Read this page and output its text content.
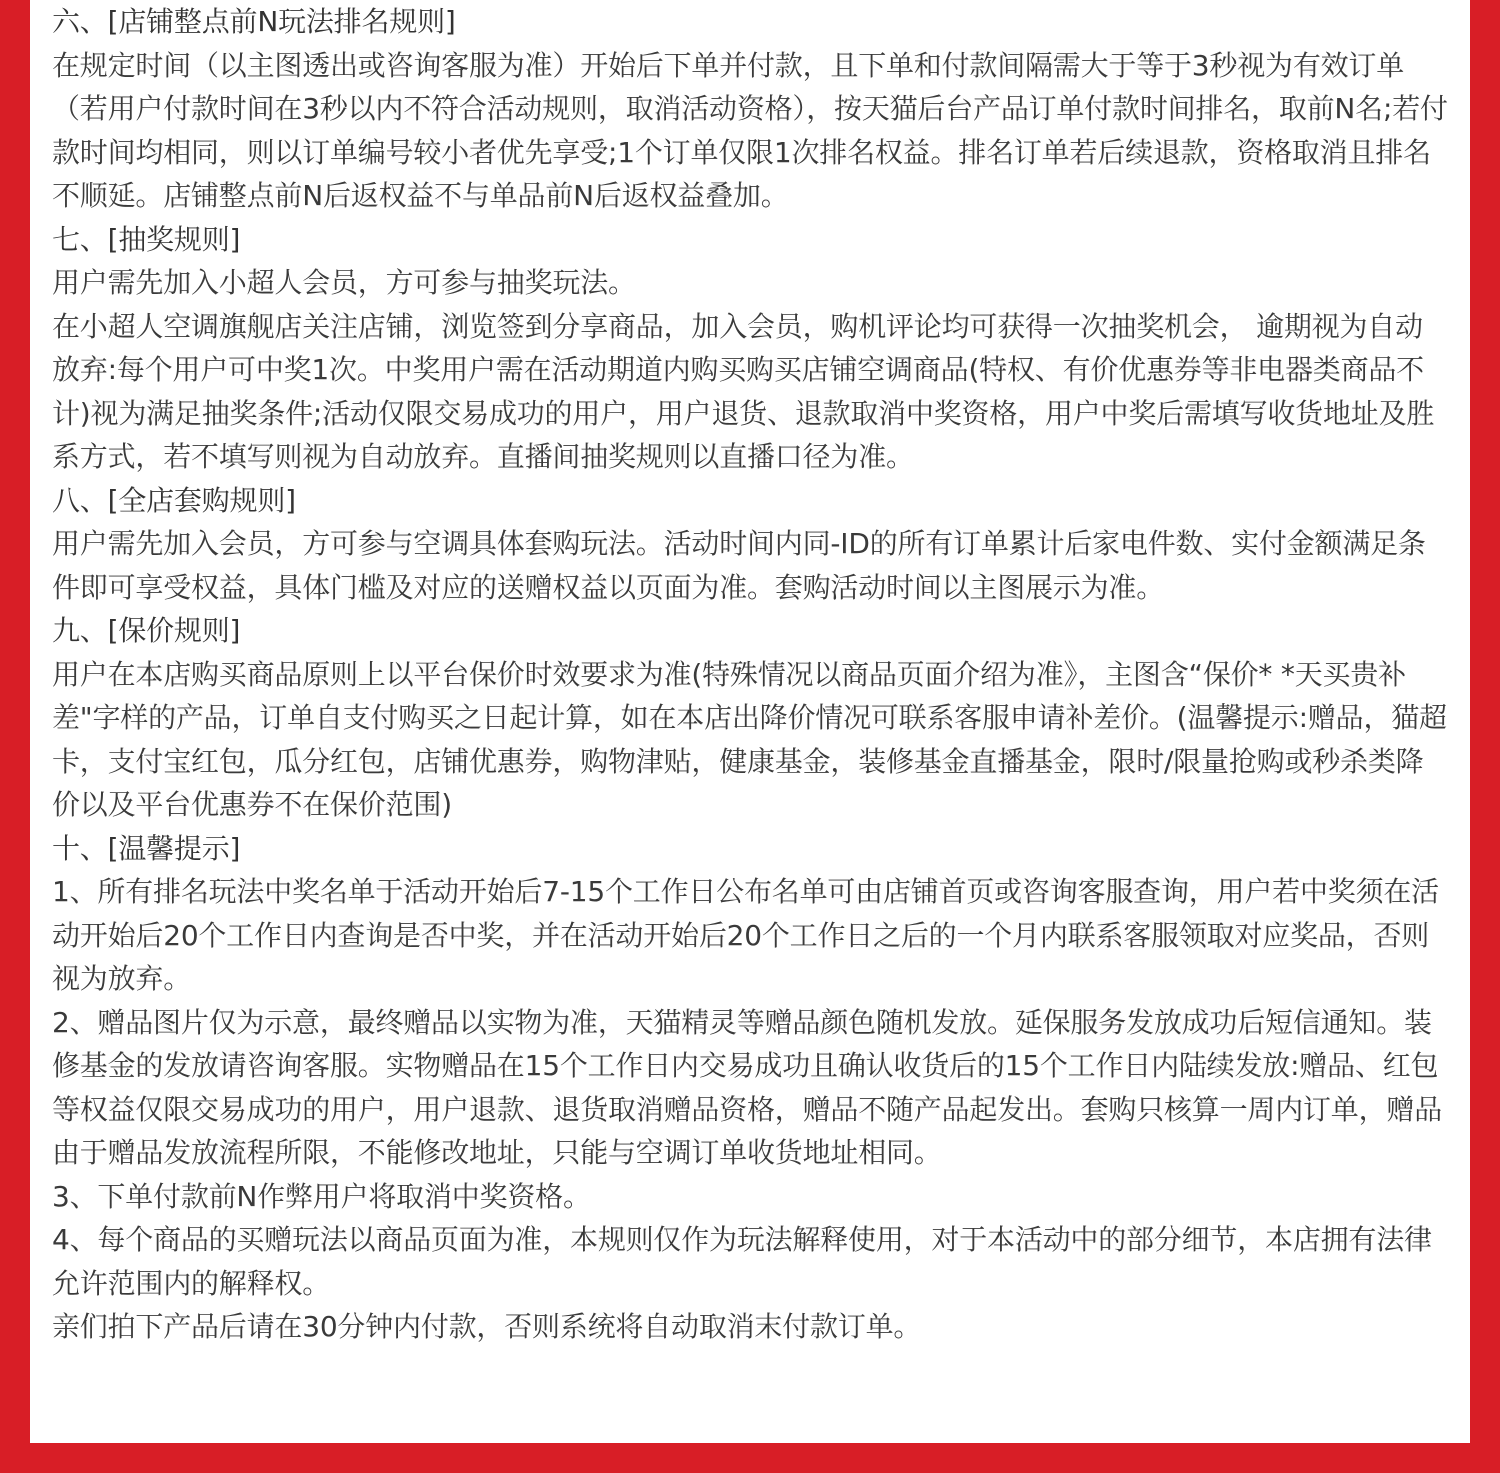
六、[店铺整点前N玩法排名规则]

在规定时间（以主图透出或咨询客服为准）开始后下单并付款，且下单和付款间隔需大于等于3秒视为有效订单（若用户付款时间在3秒以内不符合活动规则，取消活动资格），按天猫后台产品订单付款时间排名，取前N名;若付款时间均相同，则以订单编号较小者优先享受;1个订单仅限1次排名权益。排名订单若后续退款，资格取消且排名不顺延。店铺整点前N后返权益不与单品前N后返权益叠加。

七、[抽奖规则]

用户需先加入小超人会员，方可参与抽奖玩法。

在小超人空调旗舰店关注店铺，浏览签到分享商品，加入会员，购机评论均可获得一次抽奖机会， 逾期视为自动放弃:每个用户可中奖1次。中奖用户需在活动期道内购买购买店铺空调商品(特权、有价优惠券等非电器类商品不计)视为满足抽奖条件;活动仅限交易成功的用户，用户退货、退款取消中奖资格，用户中奖后需填写收货地址及胜系方式，若不填写则视为自动放弃。直播间抽奖规则以直播口径为准。

八、[全店套购规则]

用户需先加入会员，方可参与空调具体套购玩法。活动时间内同-ID的所有订单累计后家电件数、实付金额满足条件即可享受权益，具体门槛及对应的送赠权益以页面为准。套购活动时间以主图展示为准。

九、[保价规则]

用户在本店购买商品原则上以平台保价时效要求为准(特殊情况以商品页面介绍为准》，主图含“保价* *天买贵补差"字样的产品，订单自支付购买之日起计算，如在本店出降价情况可联系客服申请补差价。(温馨提示:赠品，猫超卡，支付宝红包，瓜分红包，店铺优惠券，购物津贴，健康基金，装修基金直播基金，限时/限量抢购或秒杀类降价以及平台优惠券不在保价范围)

十、[温馨提示]

1、所有排名玩法中奖名单于活动开始后7-15个工作日公布名单可由店铺首页或咨询客服查询，用户若中奖须在活动开始后20个工作日内查询是否中奖，并在活动开始后20个工作日之后的一个月内联系客服领取对应奖品，否则视为放弃。

2、赠品图片仅为示意，最终赠品以实物为准，天猫精灵等赠品颜色随机发放。延保服务发放成功后短信通知。装修基金的发放请咨询客服。实物赠品在15个工作日内交易成功且确认收货后的15个工作日内陆续发放:赠品、红包等权益仅限交易成功的用户，用户退款、退货取消赠品资格，赠品不随产品起发出。套购只核算一周内订单，赠品由于赠品发放流程所限，不能修改地址，只能与空调订单收货地址相同。

3、下单付款前N作弊用户将取消中奖资格。

4、每个商品的买赠玩法以商品页面为准，本规则仅作为玩法解释使用，对于本活动中的部分细节，本店拥有法律允许范围内的解释权。

亲们拍下产品后请在30分钟内付款，否则系统将自动取消末付款订单。
